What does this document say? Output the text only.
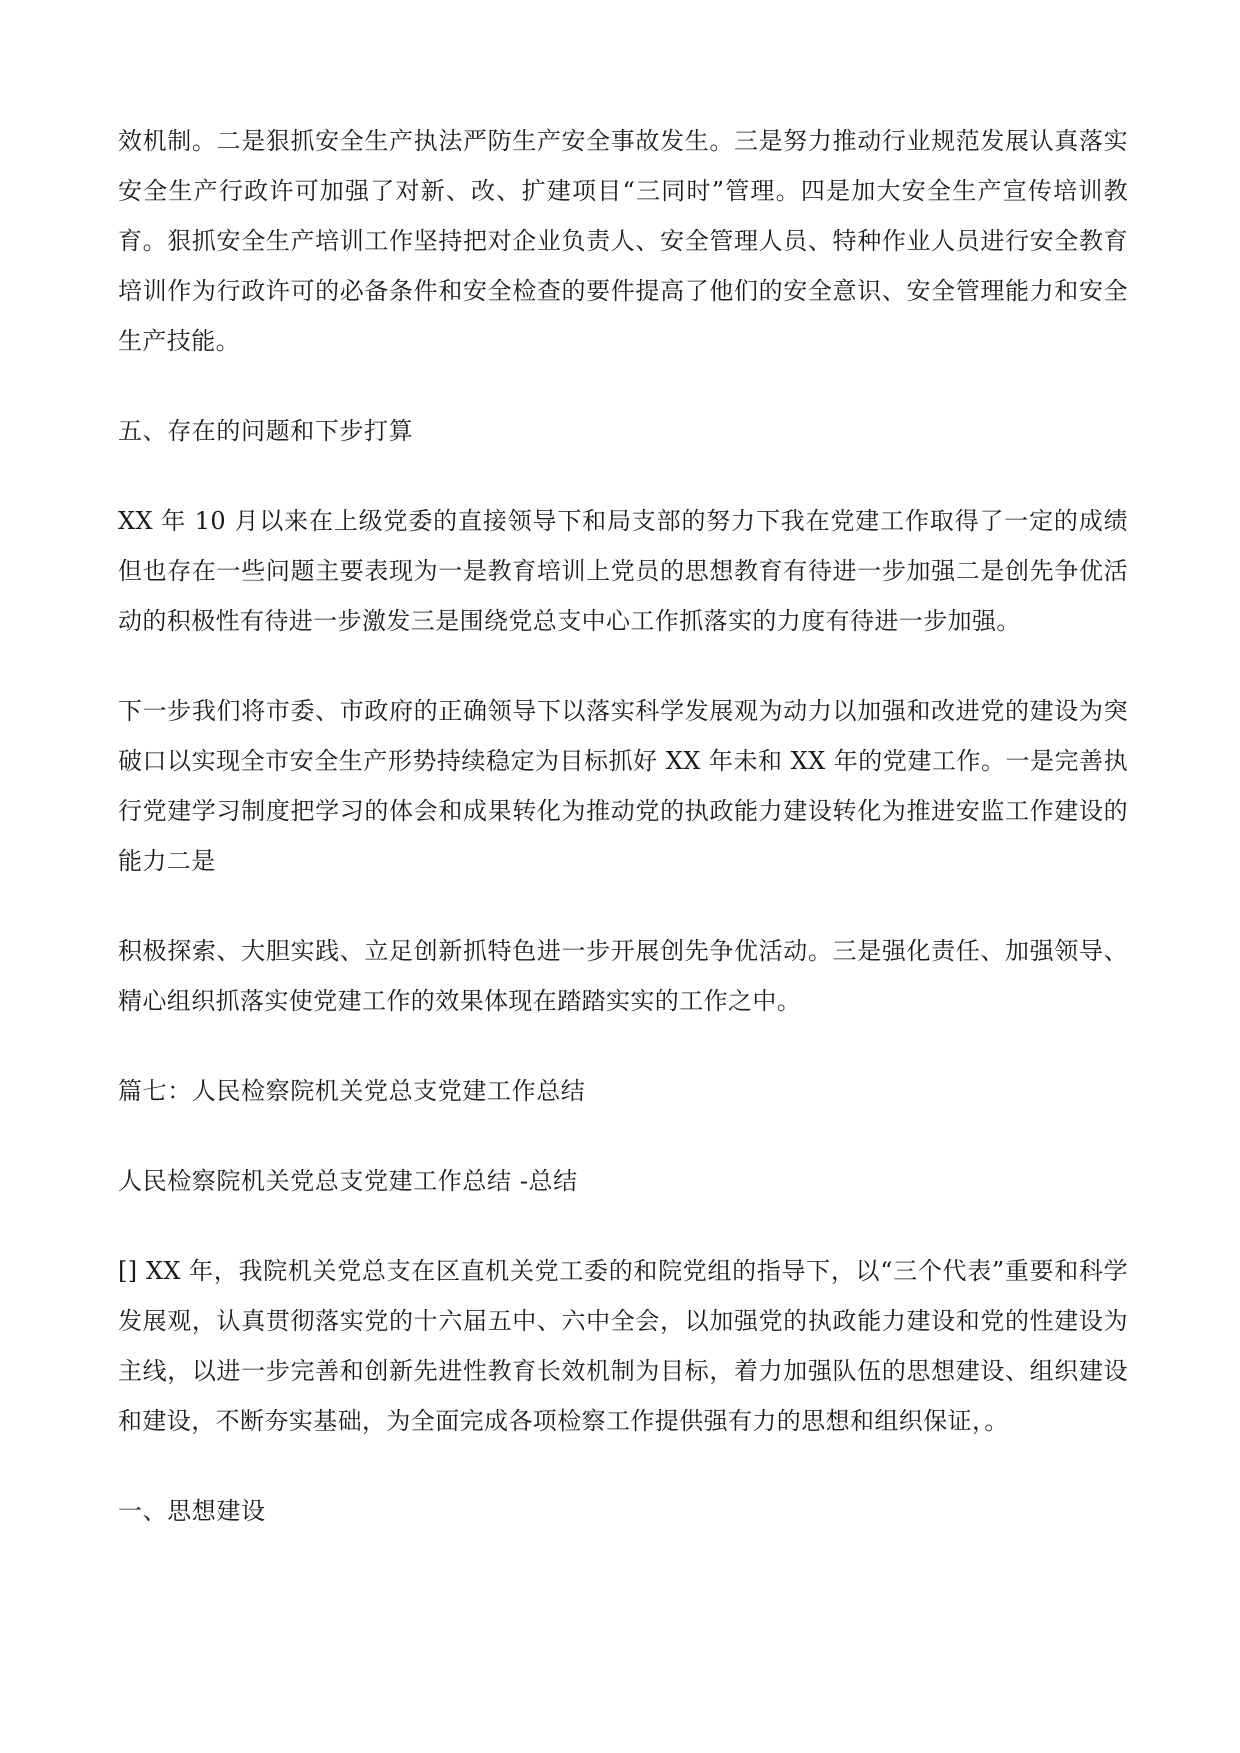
效机制。二是狠抓安全生产执法严防生产安全事故发生。三是努力推动行业规范发展认真落实安全生产行政许可加强了对新、改、扩建项目“三同时”管理。四是加大安全生产宣传培训教育。狠抓安全生产培训工作坚持把对企业负责人、安全管理人员、特种作业人员进行安全教育培训作为行政许可的必备条件和安全检查的要件提高了他们的安全意识、安全管理能力和安全生产技能。

五、存在的问题和下步打算

XX 年 10 月以来在上级党委的直接领导下和局支部的努力下我在党建工作取得了一定的成绩但也存在一些问题主要表现为一是教育培训上党员的思想教育有待进一步加强二是创先争优活动的积极性有待进一步激发三是围绕党总支中心工作抓落实的力度有待进一步加强。

下一步我们将市委、市政府的正确领导下以落实科学发展观为动力以加强和改进党的建设为突破口以实现全市安全生产形势持续稳定为目标抓好 XX 年未和 XX 年的党建工作。一是完善执行党建学习制度把学习的体会和成果转化为推动党的执政能力建设转化为推进安监工作建设的能力二是

积极探索、大胆实践、立足创新抓特色进一步开展创先争优活动。三是强化责任、加强领导、精心组织抓落实使党建工作的效果体现在踏踏实实的工作之中。

篇七：人民检察院机关党总支党建工作总结

人民检察院机关党总支党建工作总结 -总结

[] XX 年，我院机关党总支在区直机关党工委的和院党组的指导下，以“三个代表”重要和科学发展观，认真贯彻落实党的十六届五中、六中全会，以加强党的执政能力建设和党的性建设为主线，以进一步完善和创新先进性教育长效机制为目标，着力加强队伍的思想建设、组织建设和建设，不断夯实基础，为全面完成各项检察工作提供强有力的思想和组织保证，。

一、思想建设
